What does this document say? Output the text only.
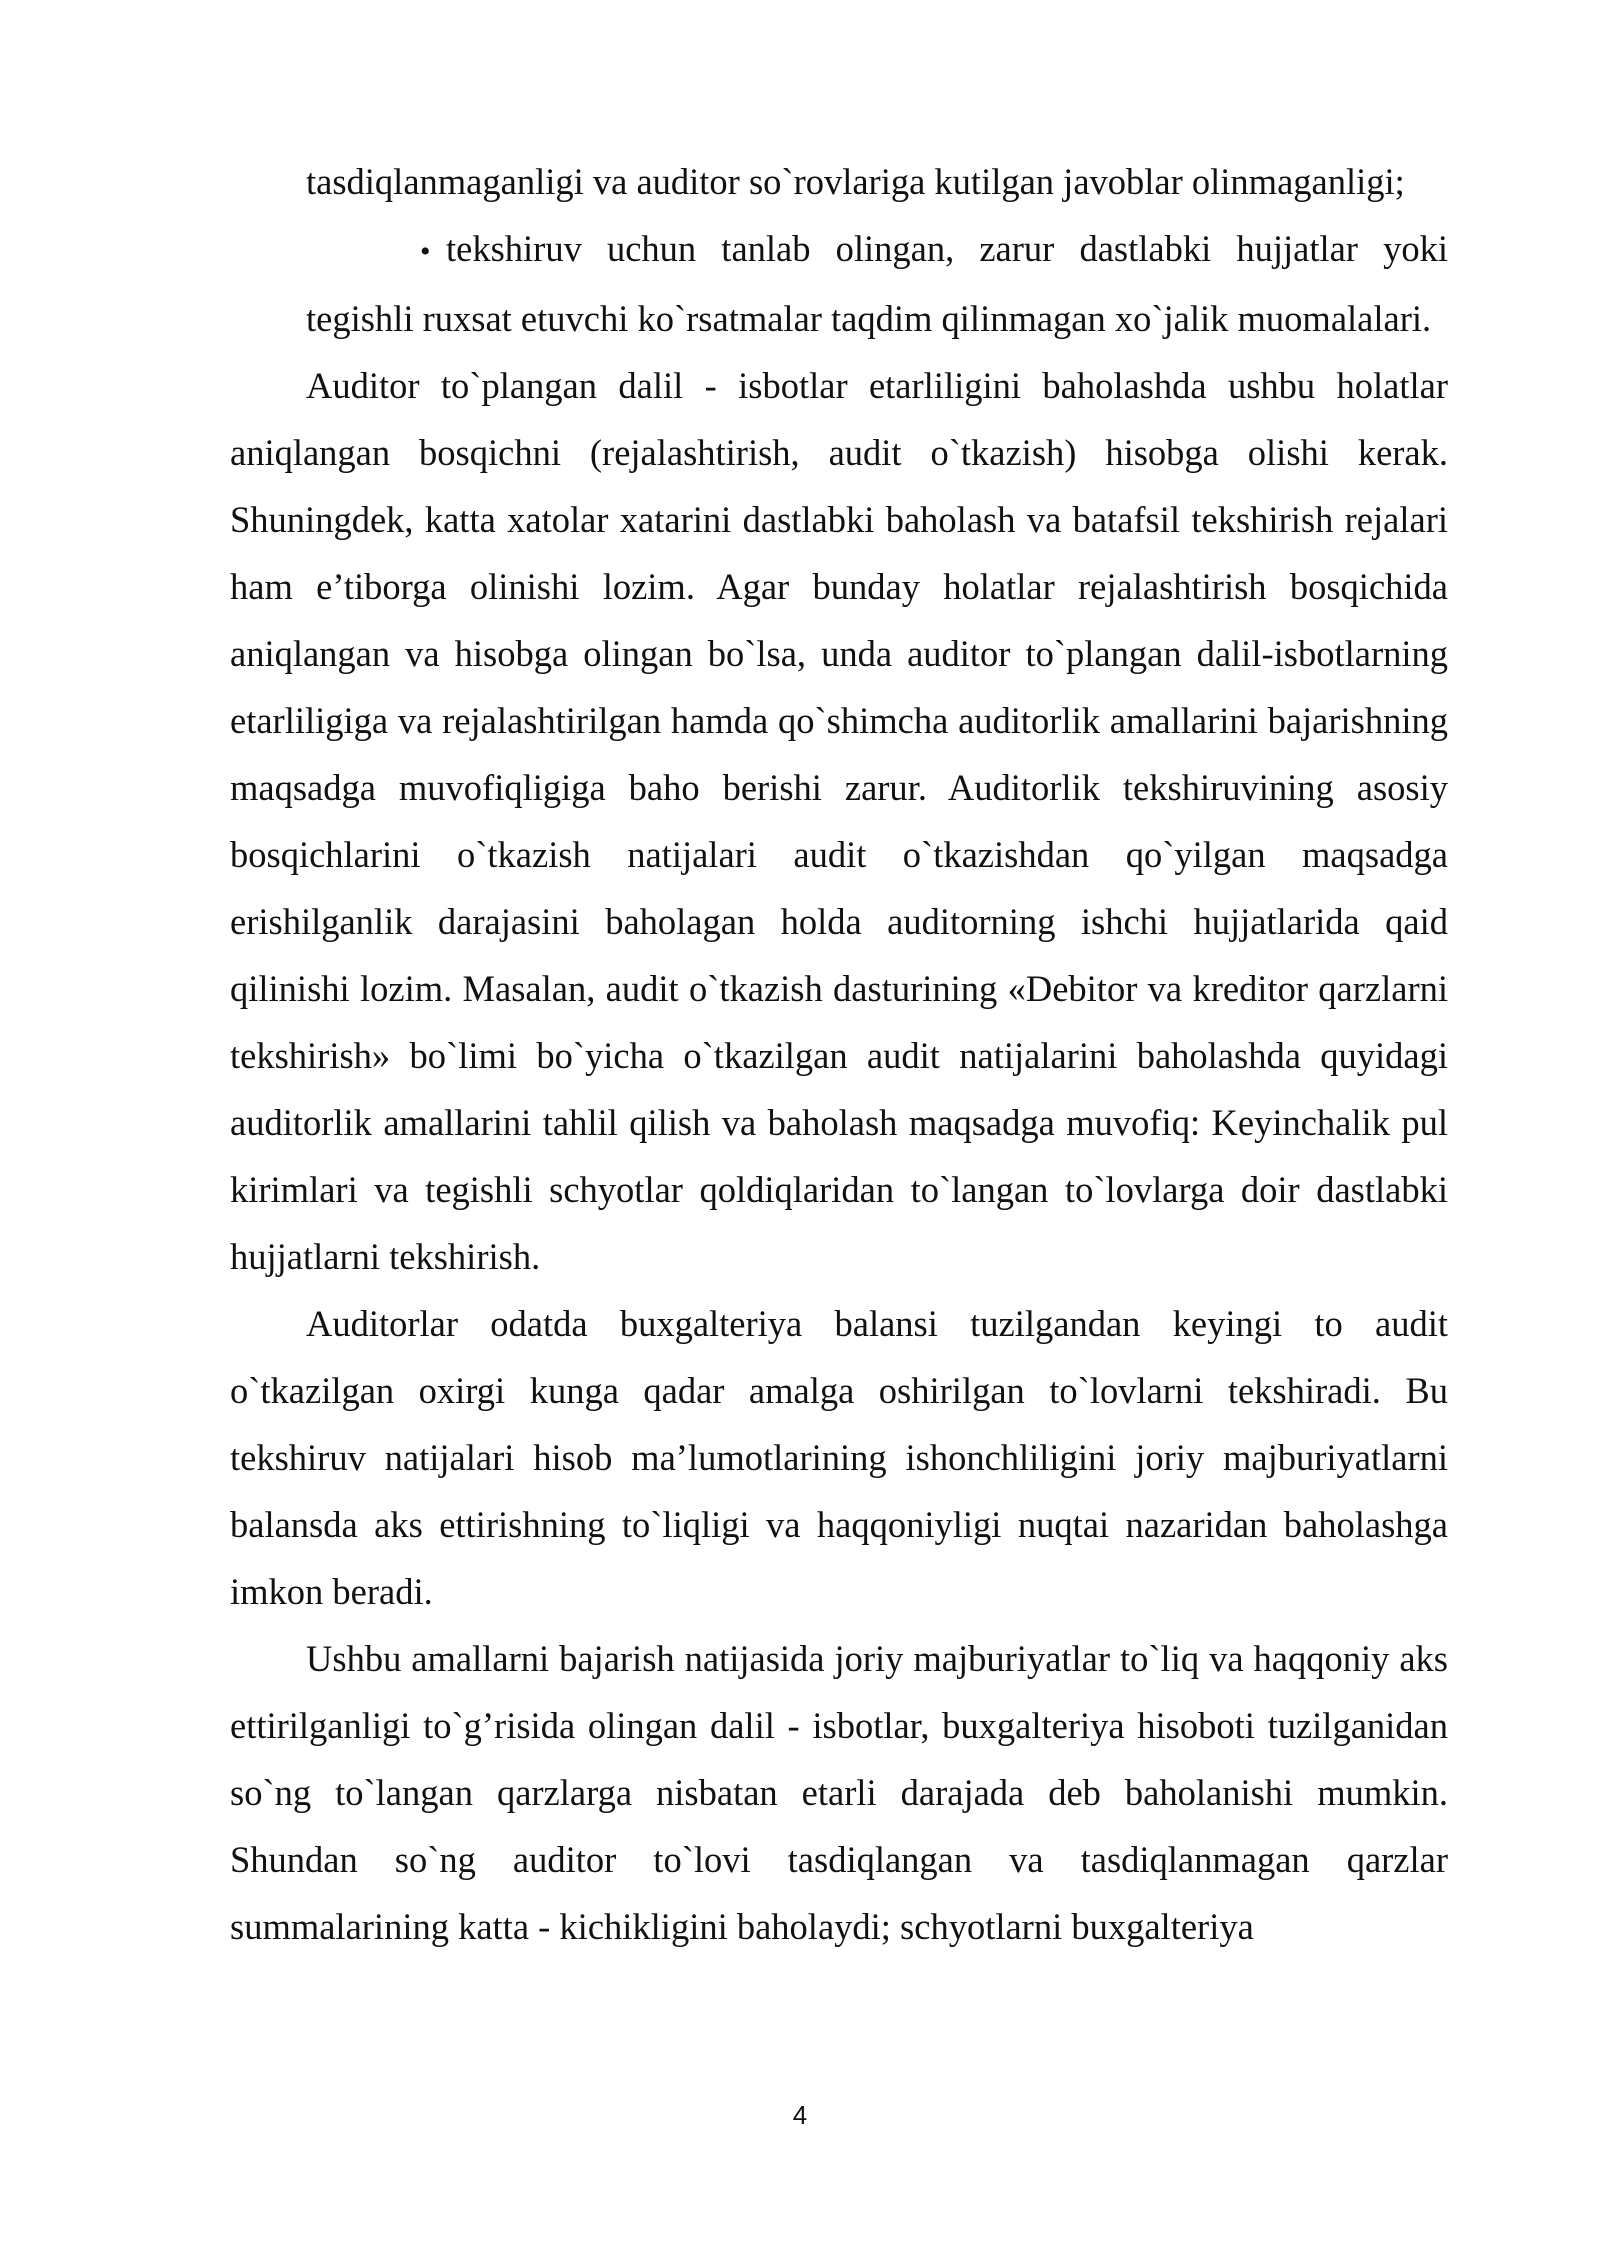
tasdiqlanmaganligi va auditor so`rovlariga kutilgan javoblar olinmaganligi;

• tekshiruv uchun tanlab olingan, zarur dastlabki hujjatlar yoki tegishli ruxsat etuvchi ko`rsatmalar taqdim qilinmagan xo`jalik muomalalari.

Auditor to`plangan dalil - isbotlar etarliligini baholashda ushbu holatlar aniqlangan bosqichni (rejalashtirish, audit o`tkazish) hisobga olishi kerak. Shuningdek, katta xatolar xatarini dastlabki baholash va batafsil tekshirish rejalari ham e’tiborga olinishi lozim. Agar bunday holatlar rejalashtirish bosqichida aniqlangan va hisobga olingan bo`lsa, unda auditor to`plangan dalil-isbotlarning etarliligiga va rejalashtirilgan hamda qo`shimcha auditorlik amallarini bajarishning maqsadga muvofiqligiga baho berishi zarur. Auditorlik tekshiruvining asosiy bosqichlarini o`tkazish natijalari audit o`tkazishdan qo`yilgan maqsadga erishilganlik darajasini baholagan holda auditorning ishchi hujjatlarida qaid qilinishi lozim. Masalan, audit o`tkazish dasturining «Debitor va kreditor qarzlarni tekshirish» bo`limi bo`yicha o`tkazilgan audit natijalarini baholashda quyidagi auditorlik amallarini tahlil qilish va baholash maqsadga muvofiq: Keyinchalik pul kirimlari va tegishli schyotlar qoldiqlaridan to`langan to`lovlarga doir dastlabki hujjatlarni tekshirish.

Auditorlar odatda buxgalteriya balansi tuzilgandan keyingi to audit o`tkazilgan oxirgi kunga qadar amalga oshirilgan to`lovlarni tekshiradi. Bu tekshiruv natijalari hisob ma’lumotlarining ishonchliligini joriy majburiyatlarni balansda aks ettirishning to`liqligi va haqqoniyligi nuqtai nazaridan baholashga imkon beradi.

Ushbu amallarni bajarish natijasida joriy majburiyatlar to`liq va haqqoniy aks ettirilganligi to`g’risida olingan dalil - isbotlar, buxgalteriya hisoboti tuzilganidan so`ng to`langan qarzlarga nisbatan etarli darajada deb baholanishi mumkin. Shundan so`ng auditor to`lovi tasdiqlangan va tasdiqlanmagan qarzlar summalarining katta - kichikligini baholaydi; schyotlarni buxgalteriya

4
